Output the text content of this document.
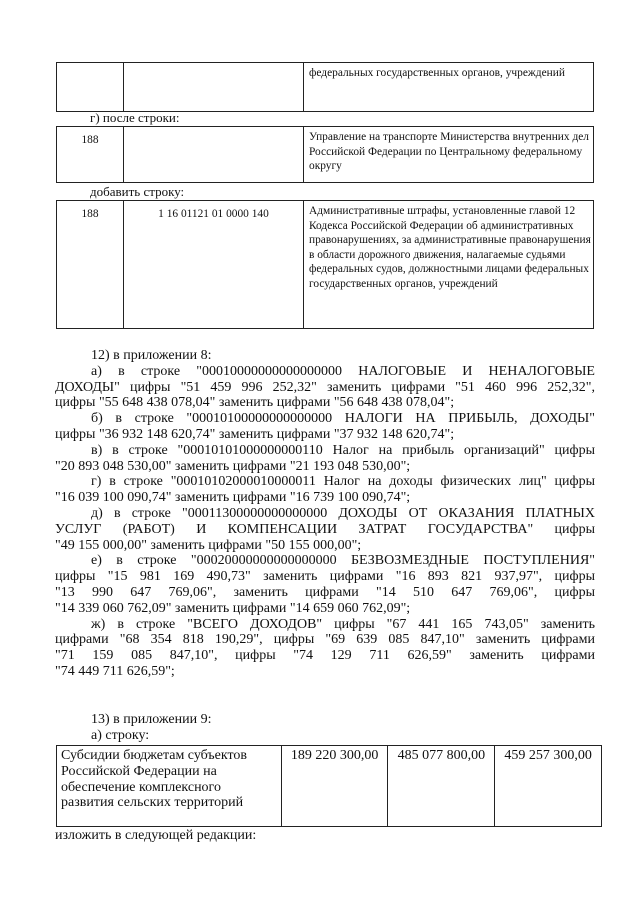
		федеральных государственных органов, учреждений
г) после строки:
188		Управление на транспорте Министерства внутренних дел Российской Федерации по Центральному федеральному округу
добавить строку:
188	1 16 01121 01 0000 140	Административные штрафы, установленные главой 12 Кодекса Российской Федерации об административных правонарушениях, за административные правонарушения в области дорожного движения, налагаемые судьями федеральных судов, должностными лицами федеральных государственных органов, учреждений

12) в приложении 8:

а) в строке "00010000000000000000 НАЛОГОВЫЕ И НЕНАЛОГОВЫЕ

ДОХОДЫ" цифры "51 459 996 252,32" заменить цифрами "51 460 996 252,32",

цифры "55 648 438 078,04" заменить цифрами "56 648 438 078,04";

б) в строке "00010100000000000000 НАЛОГИ НА ПРИБЫЛЬ, ДОХОДЫ"

цифры "36 932 148 620,74" заменить цифрами "37 932 148 620,74";

в) в строке "00010101000000000110 Налог на прибыль организаций" цифры

"20 893 048 530,00" заменить цифрами "21 193 048 530,00";

г) в строке "00010102000010000011 Налог на доходы физических лиц" цифры

"16 039 100 090,74" заменить цифрами "16 739 100 090,74";

д) в строке "00011300000000000000 ДОХОДЫ ОТ ОКАЗАНИЯ ПЛАТНЫХ

УСЛУГ (РАБОТ) И КОМПЕНСАЦИИ ЗАТРАТ ГОСУДАРСТВА" цифры

"49 155 000,00" заменить цифрами "50 155 000,00";

е) в строке "00020000000000000000 БЕЗВОЗМЕЗДНЫЕ ПОСТУПЛЕНИЯ"

цифры "15 981 169 490,73" заменить цифрами "16 893 821 937,97", цифры

"13 990 647 769,06", заменить цифрами "14 510 647 769,06", цифры

"14 339 060 762,09" заменить цифрами "14 659 060 762,09";

ж) в строке "ВСЕГО ДОХОДОВ" цифры "67 441 165 743,05" заменить

цифрами "68 354 818 190,29", цифры "69 639 085 847,10" заменить цифрами

"71 159 085 847,10", цифры "74 129 711 626,59" заменить цифрами

"74 449 711 626,59";

13) в приложении 9:

а) строку:

Субсидии бюджетам субъектов Российской Федерации на обеспечение комплексного развития сельских территорий	189 220 300,00	485 077 800,00	459 257 300,00

изложить в следующей редакции:
